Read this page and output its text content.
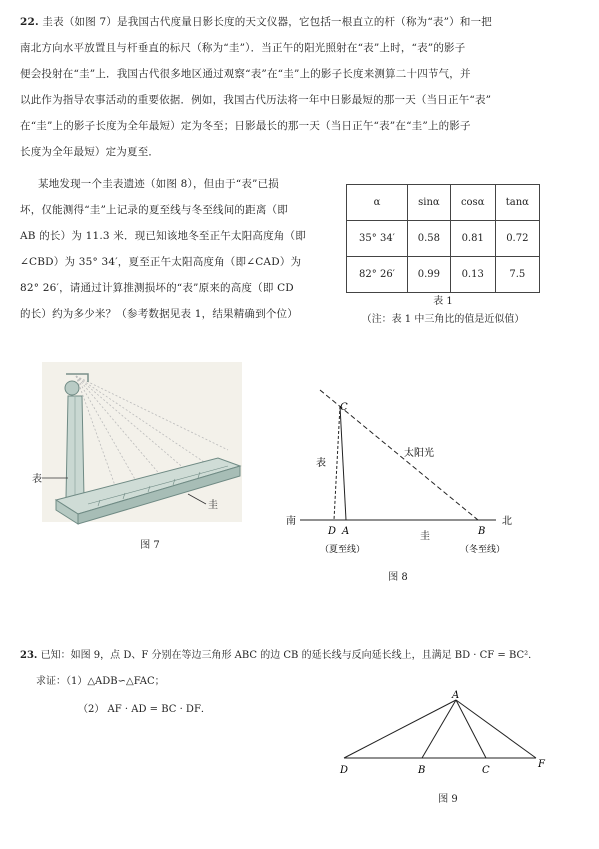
22. 圭表（如图 7）是我国古代度量日影长度的天文仪器，它包括一根直立的杆（称为“表”）和一把
南北方向水平放置且与杆垂直的标尺（称为“圭”）．当正午的阳光照射在“表”上时，“表”的影子
便会投射在“圭”上．我国古代很多地区通过观察“表”在“圭”上的影子长度来测算二十四节气，并
以此作为指导农事活动的重要依据．例如，我国古代历法将一年中日影最短的那一天（当日正午“表”
在“圭”上的影子长度为全年最短）定为冬至；日影最长的那一天（当日正午“表”在“圭”上的影子
长度为全年最短）定为夏至．
某地发现一个圭表遗迹（如图 8），但由于“表”已损
坏，仅能测得“圭”上记录的夏至线与冬至线间的距离（即
AB 的长）为 11.3 米．现已知该地冬至正午太阳高度角（即
∠CBD）为 35° 34′，夏至正午太阳高度角（即∠CAD）为
82° 26′，请通过计算推测损坏的“表”原来的高度（即 CD
的长）约为多少米？（参考数据见表 1，结果精确到个位）
α	sinα	cosα	tanα
35° 34′	0.58	0.81	0.72
82° 26′	0.99	0.13	7.5
表 1
（注：表 1 中三角比的值是近似值）
表
圭
图 7
南	北
C
D A	B
表
圭
太阳光
（夏至线）	（冬至线）
图 8
23. 已知：如图 9，点 D、F 分别在等边三角形 ABC 的边 CB 的延长线与反向延长线上，且满足 BD · CF = BC²．
求证：（1）△ADB∽△FAC；
（2） AF · AD = BC · DF．
A
B	C
D
F
图 9
